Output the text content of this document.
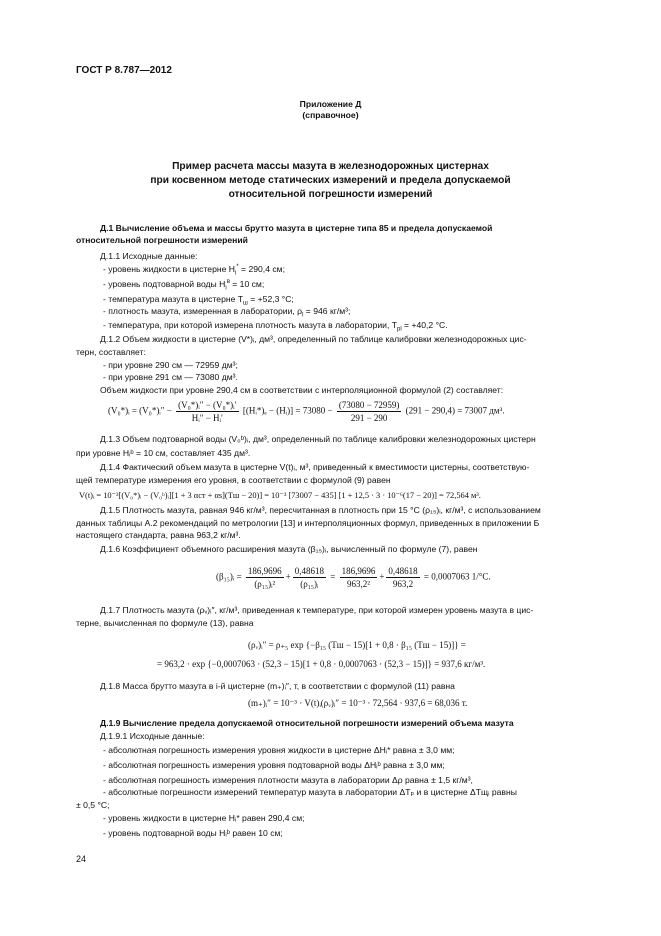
ГОСТ Р 8.787—2012
Приложение Д
(справочное)
Пример расчета массы мазута в железнодорожных цистернах
при косвенном методе статических измерений и предела допускаемой
относительной погрешности измерений
Д.1 Вычисление объема и массы брутто мазута в цистерне типа 85 и предела допускаемой
относительной погрешности измерений
Д.1.1 Исходные данные:
- уровень жидкости в цистерне $H_i^* = 290,4$ см;
- уровень подтоварной воды $H_i^в = 10$ см;
- температура мазута в цистерне $T_ш = +52,3$ °C;
- плотность мазута, измеренная в лаборатории, $\rho_l = 946$ кг/м³;
- температура, при которой измерена плотность мазута в лаборатории, $T_{pl} = +40,2$ °C.
Д.1.2 Объем жидкости в цистерне (V*)ᵢ, дм³, определенный по таблице калибровки железнодорожных цис-
терн, составляет:
- при уровне 290 см — 72959 дм³;
- при уровне 291 см — 73080 дм³.
Объем жидкости при уровне 290,4 см в соответствии с интерполяционной формулой (2) составляет:
(V₀*)ᵢ = (V₀*)ᵢ″ − $\frac{\text{(V₀*)ᵢ″ − (V₀*)ᵢ′}}{\text{Hᵢ″ − Hᵢ′}}$ [(Hᵢ*)ₑ − (Hᵢ)] = $73080 - \frac{(73080 - 72959)}{291 - 290} (291 - 290,4) = 73007$ дм³.
Д.1.3 Объем подтоварной воды (V₀ᵇ)ᵢ, дм³, определенный по таблице калибровки железнодорожных цистерн
при уровне Hᵢᵇ = 10 см, составляет 435 дм³.
Д.1.4 Фактический объем мазута в цистерне V(t)ᵢ, м³, приведенный к вместимости цистерны, соответствую-
щей температуре измерения его уровня, в соответствии с формулой (9) равен
V(t)ᵢ = 10⁻³[(V₀*)ᵢ − (V₀ᵇ)ᵢ][1 + 3 αст + αs](Tш − 20)] = 10⁻³ [73007 − 435] [1 + 12,5 · 3 · 10⁻⁶(17 − 20)] = 72,564 м³.
Д.1.5 Плотность мазута, равная 946 кг/м³, пересчитанная в плотность при 15 °C (ρ₁₅)ᵢ, кг/м³, с использованием
данных таблицы А.2 рекомендаций по метрологии [13] и интерполяционных формул, приведенных в приложении Б
настоящего стандарта, равна 963,2 кг/м³.
Д.1.6 Коэффициент объемного расширения мазута (β₁₅)ᵢ, вычисленный по формуле (7), равен
(β₁₅)ᵢ = $\frac{186,9696}{\text{(ρ₁₅)ᵢ²}} + \frac{0,48618}{\text{(ρ₁₅)ᵢ}} = \frac{186,9696}{\text{963,2²}} + \frac{0,48618}{963,2} = 0,0007063$ 1/°C.
Д.1.7 Плотность мазута (ρᵥ)ᵢ″, кг/м³, приведенная к температуре, при которой измерен уровень мазута в цис-
терне, вычисленная по формуле (13), равна
(ρᵥ)ᵢ″ = ρ₊₅ exp {−β₁₅ (Tш − 15)[1 + 0,8 · β₁₅ (Tш − 15)]} =
= 963,2 · exp {−0,0007063 · (52,3 − 15)[1 + 0,8 · 0,0007063 · (52,3 − 15)]} = 937,6 кг/м³.
Д.1.8 Масса брутто мазута в i-й цистерне (m₊)ᵢ″, т, в соответствии с формулой (11) равна
(m₊)ᵢ″ = 10⁻³ · V(t)ᵢ(ρᵥ)ᵢ″ = 10⁻³ · 72,564 · 937,6 = 68,036 т.
Д.1.9 Вычисление предела допускаемой относительной погрешности измерений объема мазута
Д.1.9.1 Исходные данные:
- абсолютная погрешность измерения уровня жидкости в цистерне ΔHᵢ* равна ± 3,0 мм;
- абсолютная погрешность измерения уровня подтоварной воды ΔHᵢᵇ равна ± 3,0 мм;
- абсолютная погрешность измерения плотности мазута в лаборатории Δρ равна ± 1,5 кг/м³,
- абсолютные погрешности измерений температур мазута в лаборатории ΔTₚ и в цистерне ΔTщᵢ равны
± 0,5 °C;
- уровень жидкости в цистерне Hᵢ* равен 290,4 см;
- уровень подтоварной воды Hᵢᵇ равен 10 см;
24
